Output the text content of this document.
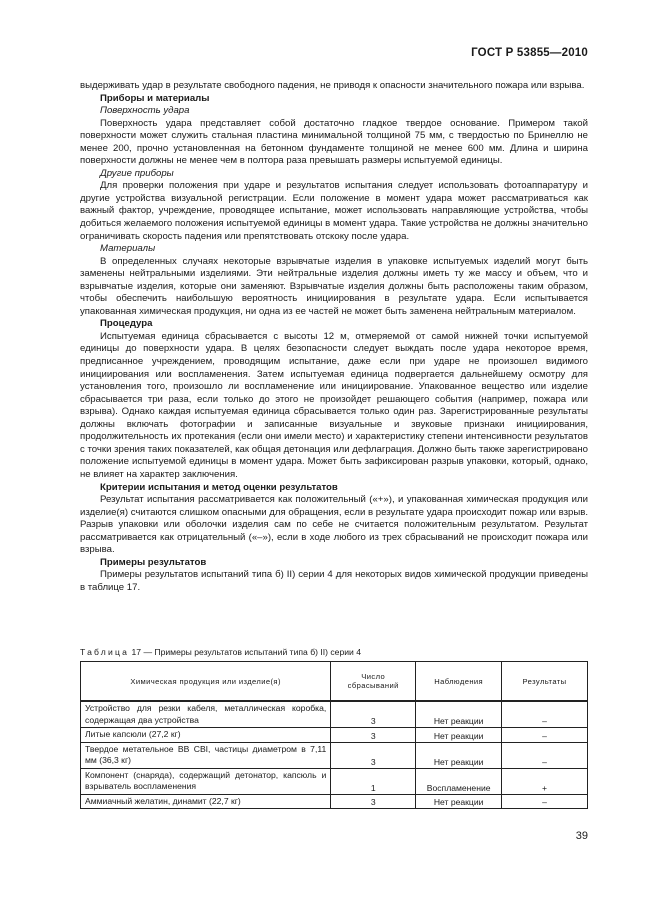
ГОСТ Р 53855—2010

выдерживать удар в результате свободного падения, не приводя к опасности значительного пожара или взрыва.

Приборы и материалы

Поверхность удара

Поверхность удара представляет собой достаточно гладкое твердое основание. Примером такой поверхности может служить стальная пластина минимальной толщиной 75 мм, с твердостью по Бринеллю не менее 200, прочно установленная на бетонном фундаменте толщиной не менее 600 мм. Длина и ширина поверхности должны не менее чем в полтора раза превышать размеры испытуемой единицы.

Другие приборы

Для проверки положения при ударе и результатов испытания следует использовать фотоаппаратуру и другие устройства визуальной регистрации. Если положение в момент удара может рассматриваться как важный фактор, учреждение, проводящее испытание, может использовать направляющие устройства, чтобы добиться желаемого положения испытуемой единицы в момент удара. Такие устройства не должны значительно ограничивать скорость падения или препятствовать отскоку после удара.

Материалы

В определенных случаях некоторые взрывчатые изделия в упаковке испытуемых изделий могут быть заменены нейтральными изделиями. Эти нейтральные изделия должны иметь ту же массу и объем, что и взрывчатые изделия, которые они заменяют. Взрывчатые изделия должны быть расположены таким образом, чтобы обеспечить наибольшую вероятность инициирования в результате удара. Если испытывается упакованная химическая продукция, ни одна из ее частей не может быть заменена нейтральным материалом.

Процедура

Испытуемая единица сбрасывается с высоты 12 м, отмеряемой от самой нижней точки испытуемой единицы до поверхности удара. В целях безопасности следует выждать после удара некоторое время, предписанное учреждением, проводящим испытание, даже если при ударе не произошел видимого инициирования или воспламенения. Затем испытуемая единица подвергается дальнейшему осмотру для установления того, произошло ли воспламенение или инициирование. Упакованное вещество или изделие сбрасывается три раза, если только до этого не произойдет решающего события (например, пожара или взрыва). Однако каждая испытуемая единица сбрасывается только один раз. Зарегистрированные результаты должны включать фотографии и записанные визуальные и звуковые признаки инициирования, продолжительность их протекания (если они имели место) и характеристику степени интенсивности результатов с точки зрения таких показателей, как общая детонация или дефлаграция. Должно быть также зарегистрировано положение испытуемой единицы в момент удара. Может быть зафиксирован разрыв упаковки, который, однако, не влияет на характер заключения.

Критерии испытания и метод оценки результатов

Результат испытания рассматривается как положительный («+»), и упакованная химическая продукция или изделие(я) считаются слишком опасными для обращения, если в результате удара происходит пожар или взрыв. Разрыв упаковки или оболочки изделия сам по себе не считается положительным результатом. Результат рассматривается как отрицательный («–»), если в ходе любого из трех сбрасываний не происходит пожара или взрыва.

Примеры результатов

Примеры результатов испытаний типа б) II) серии 4 для некоторых видов химической продукции приведены в таблице 17.

Таблица 17 — Примеры результатов испытаний типа б) II) серии 4
Химическая продукция или изделие(я)	Число сбрасываний	Наблюдения	Результаты
Устройство для резки кабеля, металлическая коробка, содержащая два устройства	3	Нет реакции	–
Литые капсюли (27,2 кг)	3	Нет реакции	–
Твердое метательное ВВ CBI, частицы диаметром в 7,11 мм (36,3 кг)	3	Нет реакции	–
Компонент (снаряда), содержащий детонатор, капсюль и взрыватель воспламенения	1	Воспламенение	+
Аммиачный желатин, динамит (22,7 кг)	3	Нет реакции	–
39
